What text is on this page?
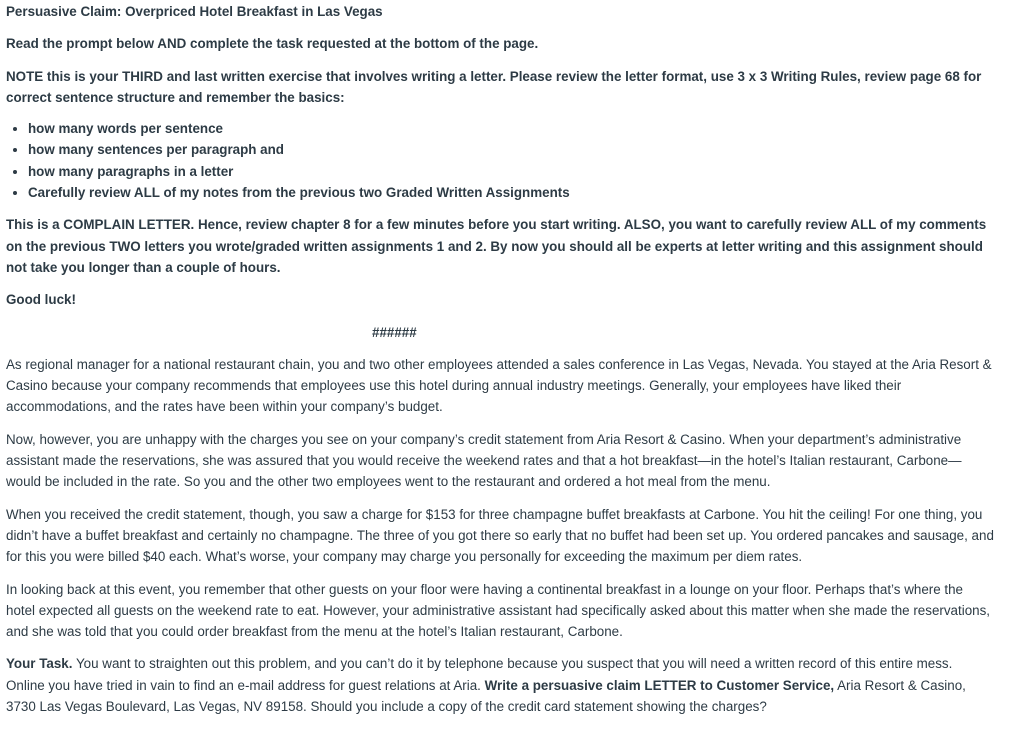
Persuasive Claim: Overpriced Hotel Breakfast in Las Vegas

Read the prompt below AND complete the task requested at the bottom of the page.

NOTE this is your THIRD and last written exercise that involves writing a letter. Please review the letter format, use 3 x 3 Writing Rules, review page 68 for correct sentence structure and remember the basics:

• how many words per sentence
• how many sentences per paragraph and
• how many paragraphs in a letter
• Carefully review ALL of my notes from the previous two Graded Written Assignments

This is a COMPLAIN LETTER. Hence, review chapter 8 for a few minutes before you start writing. ALSO, you want to carefully review ALL of my comments on the previous TWO letters you wrote/graded written assignments 1 and 2. By now you should all be experts at letter writing and this assignment should not take you longer than a couple of hours.

Good luck!

######

As regional manager for a national restaurant chain, you and two other employees attended a sales conference in Las Vegas, Nevada. You stayed at the Aria Resort & Casino because your company recommends that employees use this hotel during annual industry meetings. Generally, your employees have liked their accommodations, and the rates have been within your company’s budget.

Now, however, you are unhappy with the charges you see on your company’s credit statement from Aria Resort & Casino. When your department’s administrative assistant made the reservations, she was assured that you would receive the weekend rates and that a hot breakfast—in the hotel’s Italian restaurant, Carbone—would be included in the rate. So you and the other two employees went to the restaurant and ordered a hot meal from the menu.

When you received the credit statement, though, you saw a charge for $153 for three champagne buffet breakfasts at Carbone. You hit the ceiling! For one thing, you didn’t have a buffet breakfast and certainly no champagne. The three of you got there so early that no buffet had been set up. You ordered pancakes and sausage, and for this you were billed $40 each. What’s worse, your company may charge you personally for exceeding the maximum per diem rates.

In looking back at this event, you remember that other guests on your floor were having a continental breakfast in a lounge on your floor. Perhaps that’s where the hotel expected all guests on the weekend rate to eat. However, your administrative assistant had specifically asked about this matter when she made the reservations, and she was told that you could order breakfast from the menu at the hotel’s Italian restaurant, Carbone.

Your Task. You want to straighten out this problem, and you can’t do it by telephone because you suspect that you will need a written record of this entire mess. Online you have tried in vain to find an e-mail address for guest relations at Aria. Write a persuasive claim LETTER to Customer Service, Aria Resort & Casino, 3730 Las Vegas Boulevard, Las Vegas, NV 89158. Should you include a copy of the credit card statement showing the charges?
